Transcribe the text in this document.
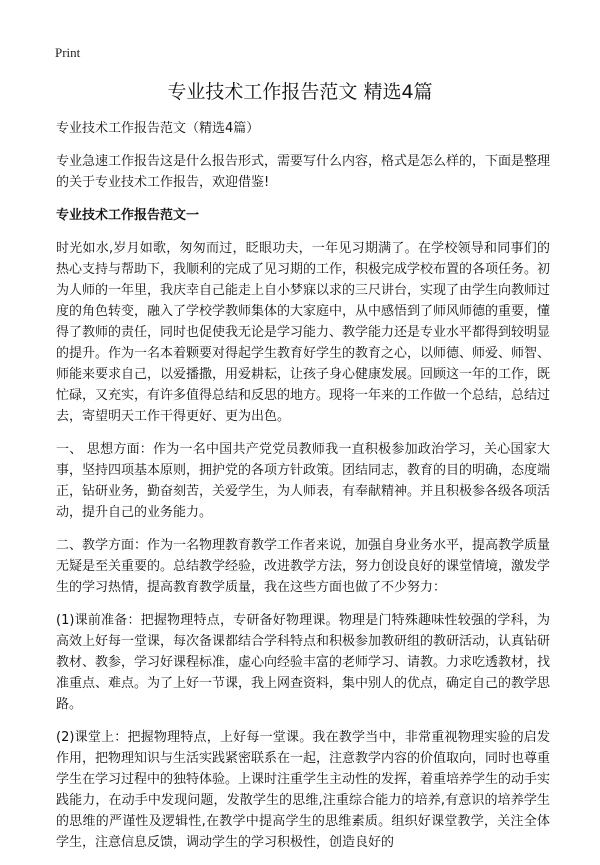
Print
专业技术工作报告范文 精选4篇

专业技术工作报告范文（精选4篇）

专业急速工作报告这是什么报告形式，需要写什么内容，格式是怎么样的，下面是整理的关于专业技术工作报告，欢迎借鉴!

专业技术工作报告范文一

时光如水,岁月如歌，匆匆而过，眨眼功夫，一年见习期满了。在学校领导和同事们的热心支持与帮助下，我顺利的完成了见习期的工作，积极完成学校布置的各项任务。初为人师的一年里，我庆幸自己能走上自小梦寐以求的三尺讲台，实现了由学生向教师过度的角色转变，融入了学校学教师集体的大家庭中，从中感悟到了师风师德的重要，懂得了教师的责任，同时也促使我无论是学习能力、教学能力还是专业水平都得到较明显的提升。作为一名本着颗要对得起学生教育好学生的教育之心，以师德、师爱、师智、师能来要求自己，以爱播撒，用爱耕耘，让孩子身心健康发展。回顾这一年的工作，既忙碌，又充实，有许多值得总结和反思的地方。现将一年来的工作做一个总结，总结过去，寄望明天工作干得更好、更为出色。

一、 思想方面：作为一名中国共产党党员教师我一直积极参加政治学习，关心国家大事，坚持四项基本原则，拥护党的各项方针政策。团结同志，教育的目的明确，态度端正，钻研业务，勤奋刻苦，关爱学生，为人师表，有奉献精神。并且积极参各级各项活动，提升自己的业务能力。

二、教学方面：作为一名物理教育教学工作者来说，加强自身业务水平，提高教学质量无疑是至关重要的。总结教学经验，改进教学方法，努力创设良好的课堂情境，激发学生的学习热情，提高教育教学质量，我在这些方面也做了不少努力：

(1)课前准备：把握物理特点，专研备好物理课。物理是门特殊趣味性较强的学科，为高效上好每一堂课，每次备课都结合学科特点和积极参加教研组的教研活动，认真钻研教材、教参，学习好课程标准，虚心向经验丰富的老师学习、请教。力求吃透教材，找准重点、难点。为了上好一节课，我上网查资料，集中别人的优点，确定自己的教学思路。

(2)课堂上：把握物理特点，上好每一堂课。我在教学当中，非常重视物理实验的启发作用，把物理知识与生活实践紧密联系在一起，注意教学内容的价值取向，同时也尊重学生在学习过程中的独特体验。上课时注重学生主动性的发挥，着重培养学生的动手实践能力，在动手中发现问题，发散学生的思维,注重综合能力的培养,有意识的培养学生的思维的严谨性及逻辑性,在教学中提高学生的思维素质。组织好课堂教学，关注全体学生，注意信息反馈，调动学生的学习积极性，创造良好的
